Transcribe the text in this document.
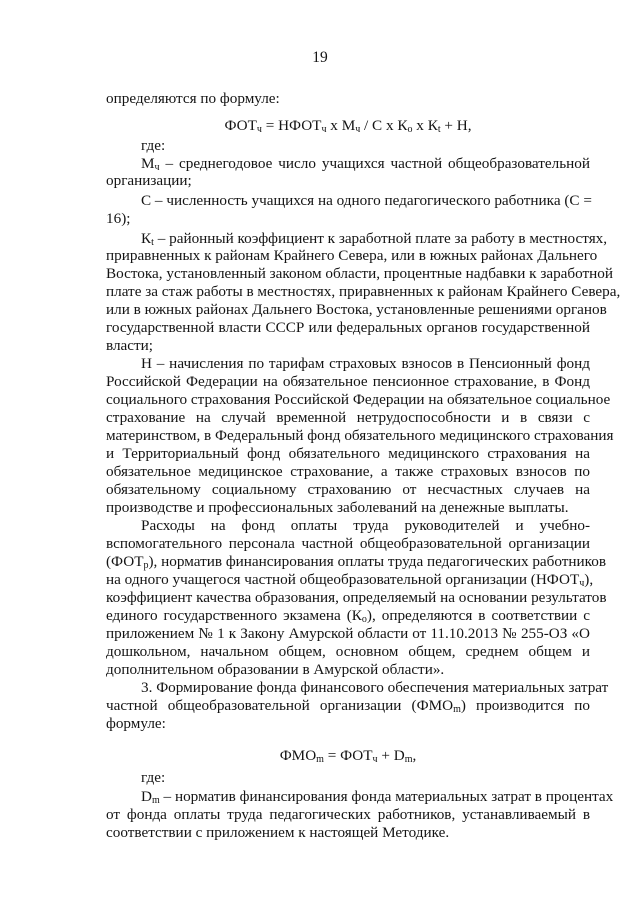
19
определяются по формуле:
$ФОТ_ч$ = $НФОТ_ч$ х $М_ч$ / С х $К_о$ х $К_t + Н$,
где:
$М_ч$ – среднегодовое число учащихся частной общеобразовательной
организации;
С – численность учащихся на одного педагогического работника (С =
16);
$К_t$ – районный коэффициент к заработной плате за работу в местностях,
приравненных к районам Крайнего Севера, или в южных районах Дальнего
Востока, установленный законом области, процентные надбавки к заработной
плате за стаж работы в местностях, приравненных к районам Крайнего Севера,
или в южных районах Дальнего Востока, установленные решениями органов
государственной власти СССР или федеральных органов государственной
власти;
Н – начисления по тарифам страховых взносов в Пенсионный фонд
Российской Федерации на обязательное пенсионное страхование, в Фонд
социального страхования Российской Федерации на обязательное социальное
страхование на случай временной нетрудоспособности и в связи с
материнством, в Федеральный фонд обязательного медицинского страхования
и Территориальный фонд обязательного медицинского страхования на
обязательное медицинское страхование, а также страховых взносов по
обязательному социальному страхованию от несчастных случаев на
производстве и профессиональных заболеваний на денежные выплаты.
Расходы на фонд оплаты труда руководителей и учебно-
вспомогательного персонала частной общеобразовательной организации
$(ФОТ_р)$, норматив финансирования оплаты труда педагогических работников
на одного учащегося частной общеобразовательной организации $(НФОТ_ч)$,
коэффициент качества образования, определяемый на основании результатов
единого государственного экзамена $(К_о)$, определяются в соответствии с
приложением № 1 к Закону Амурской области от 11.10.2013 № 255-ОЗ «О
дошкольном, начальном общем, основном общем, среднем общем и
дополнительном образовании в Амурской области».
3. Формирование фонда финансового обеспечения материальных затрат
частной общеобразовательной организации $(ФМО_m)$ производится по
формуле:
$ФМО_m = ФОТ_ч + D_m$,
где:
$D_m$ – норматив финансирования фонда материальных затрат в процентах
от фонда оплаты труда педагогических работников, устанавливаемый в
соответствии с приложением к настоящей Методике.
